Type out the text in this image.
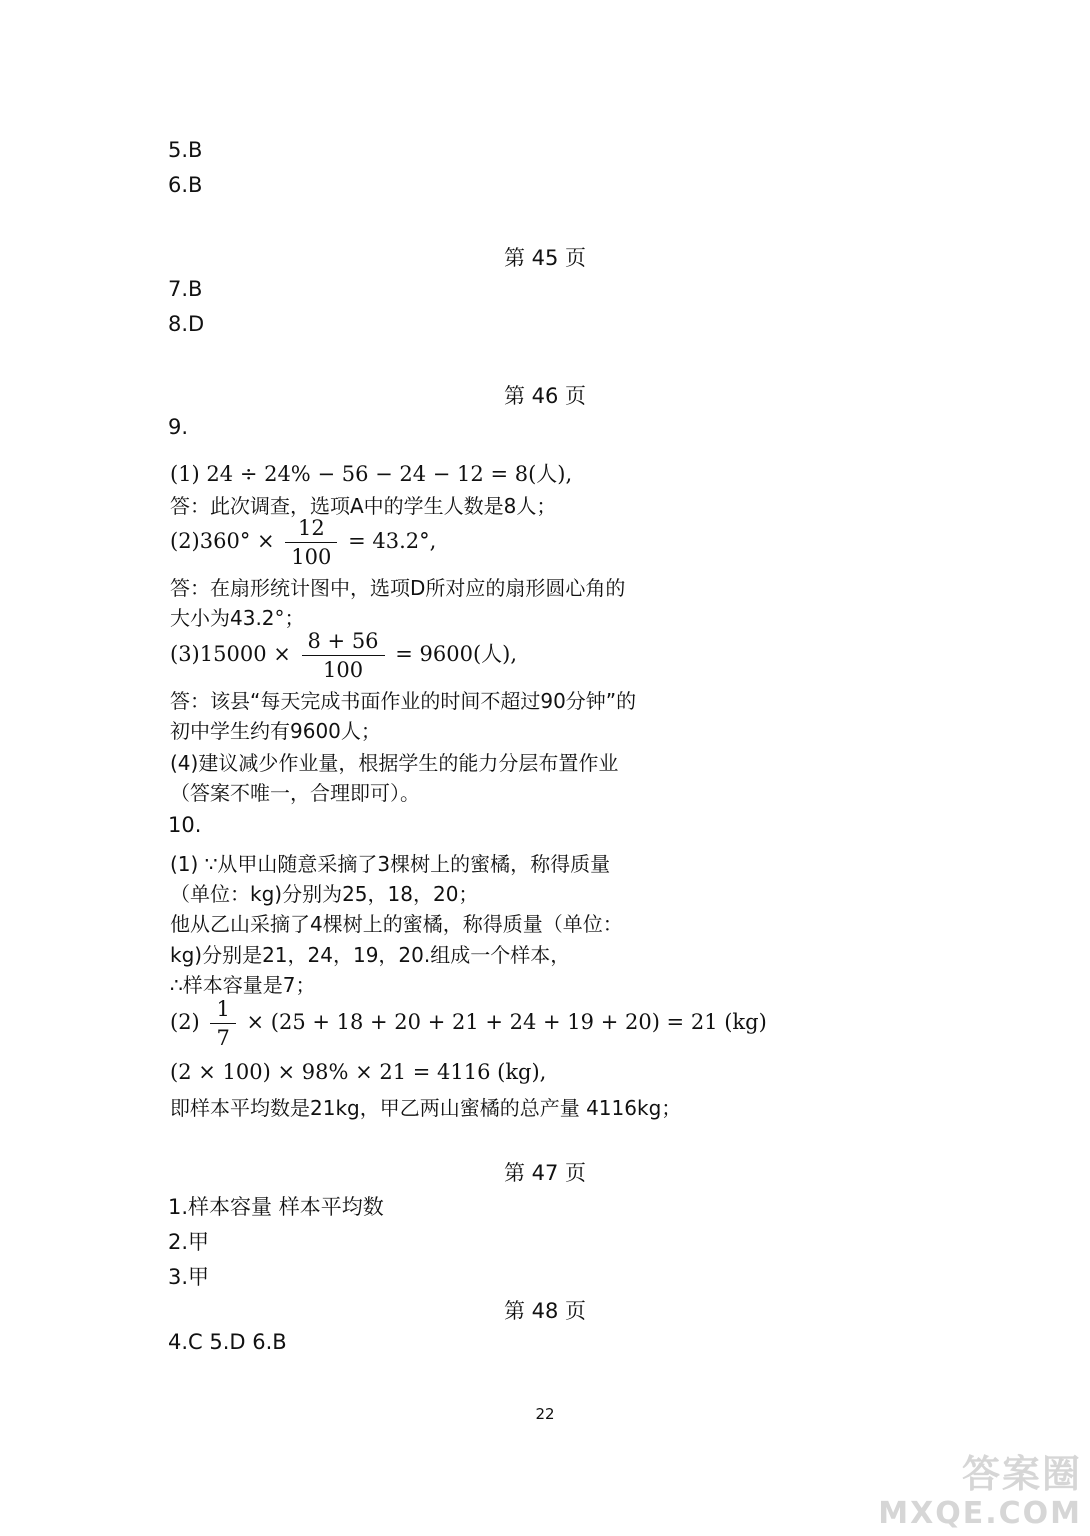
5.B
6.B
第 45 页
7.B
8.D
第 46 页
9.
(1) 24 ÷ 24% − 56 − 24 − 12 = 8(人),
答：此次调查，选项A中的学生人数是8人；
$(2)360^\circ \times \frac{12}{100} = 43.2^\circ$,
答：在扇形统计图中，选项D所对应的扇形圆心角的
大小为43.2°；
$(3)15000 \times \frac{8 + 56}{100} = 9600$(人),
答：该县“每天完成书面作业的时间不超过90分钟”的
初中学生约有9600人；
(4)建议减少作业量，根据学生的能力分层布置作业
（答案不唯一，合理即可）。
10.
(1) ∵从甲山随意采摘了3棵树上的蜜橘，称得质量
（单位：kg)分别为25，18，20；
他从乙山采摘了4棵树上的蜜橘，称得质量（单位：
kg)分别是21，24，19，20.组成一个样本，
∴样本容量是7；
$(2) \frac{1}{7} \times (25 + 18 + 20 + 21 + 24 + 19 + 20) = 21$ (kg)
(2 × 100) × 98% × 21 = 4116 (kg),
即样本平均数是21kg，甲乙两山蜜橘的总产量 4116kg；
第 47 页
1.样本容量 样本平均数
2.甲
3.甲
第 48 页
4.C 5.D 6.B
22
答案圈
MXQE.COM
